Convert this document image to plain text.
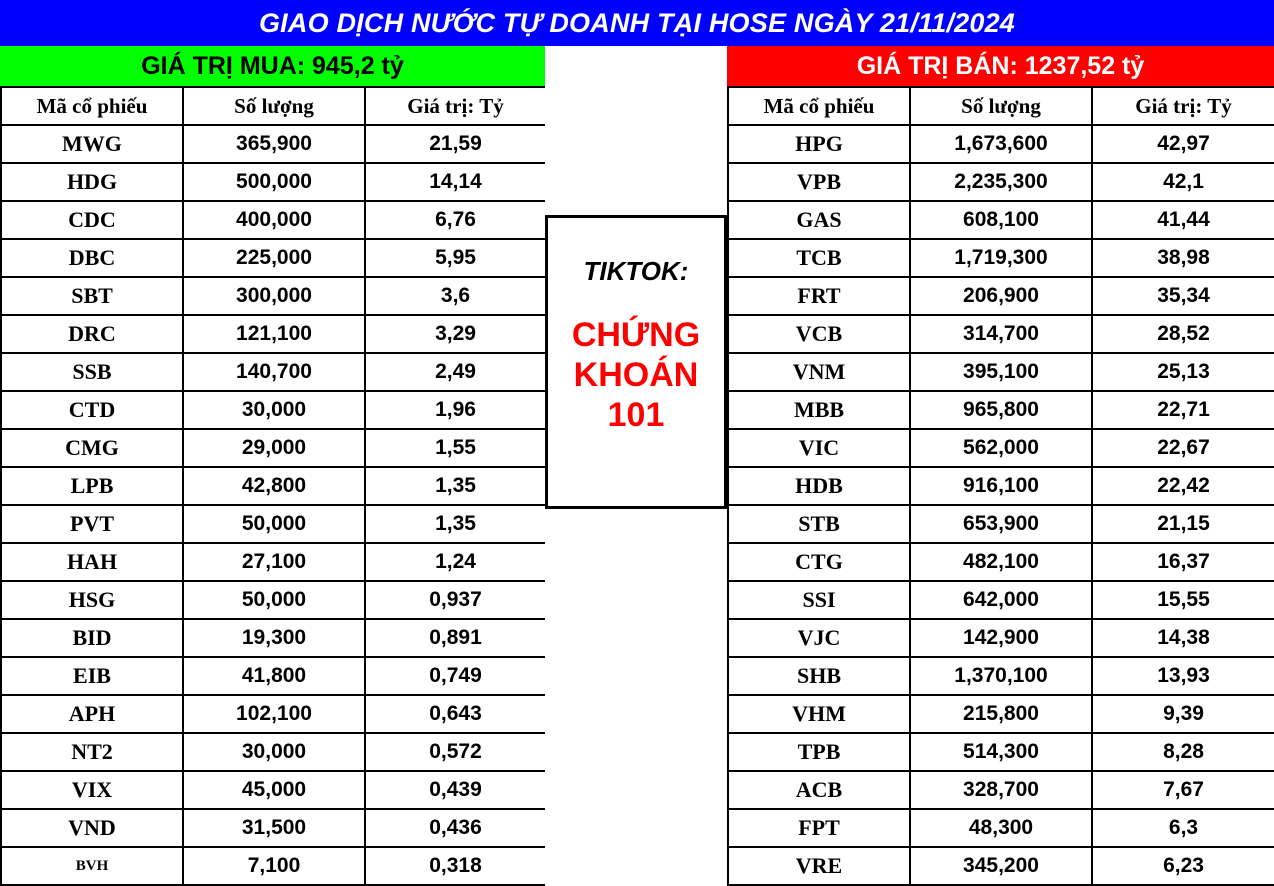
GIAO DỊCH NƯỚC TỰ DOANH TẠI HOSE NGÀY 21/11/2024
GIÁ TRỊ MUA: 945,2 tỷ	GIÁ TRỊ BÁN: 1237,52 tỷ
Mã cổ phiếu	Số lượng	Giá trị: Tỷ
MWG	365,900	21,59
HDG	500,000	14,14
CDC	400,000	6,76
DBC	225,000	5,95
SBT	300,000	3,6
DRC	121,100	3,29
SSB	140,700	2,49
CTD	30,000	1,96
CMG	29,000	1,55
LPB	42,800	1,35
PVT	50,000	1,35
HAH	27,100	1,24
HSG	50,000	0,937
BID	19,300	0,891
EIB	41,800	0,749
APH	102,100	0,643
NT2	30,000	0,572
VIX	45,000	0,439
VND	31,500	0,436
BVH	7,100	0,318
Mã cổ phiếu	Số lượng	Giá trị: Tỷ
HPG	1,673,600	42,97
VPB	2,235,300	42,1
GAS	608,100	41,44
TCB	1,719,300	38,98
FRT	206,900	35,34
VCB	314,700	28,52
VNM	395,100	25,13
MBB	965,800	22,71
VIC	562,000	22,67
HDB	916,100	22,42
STB	653,900	21,15
CTG	482,100	16,37
SSI	642,000	15,55
VJC	142,900	14,38
SHB	1,370,100	13,93
VHM	215,800	9,39
TPB	514,300	8,28
ACB	328,700	7,67
FPT	48,300	6,3
VRE	345,200	6,23
TIKTOK:
CHỨNG
KHOÁN
101
